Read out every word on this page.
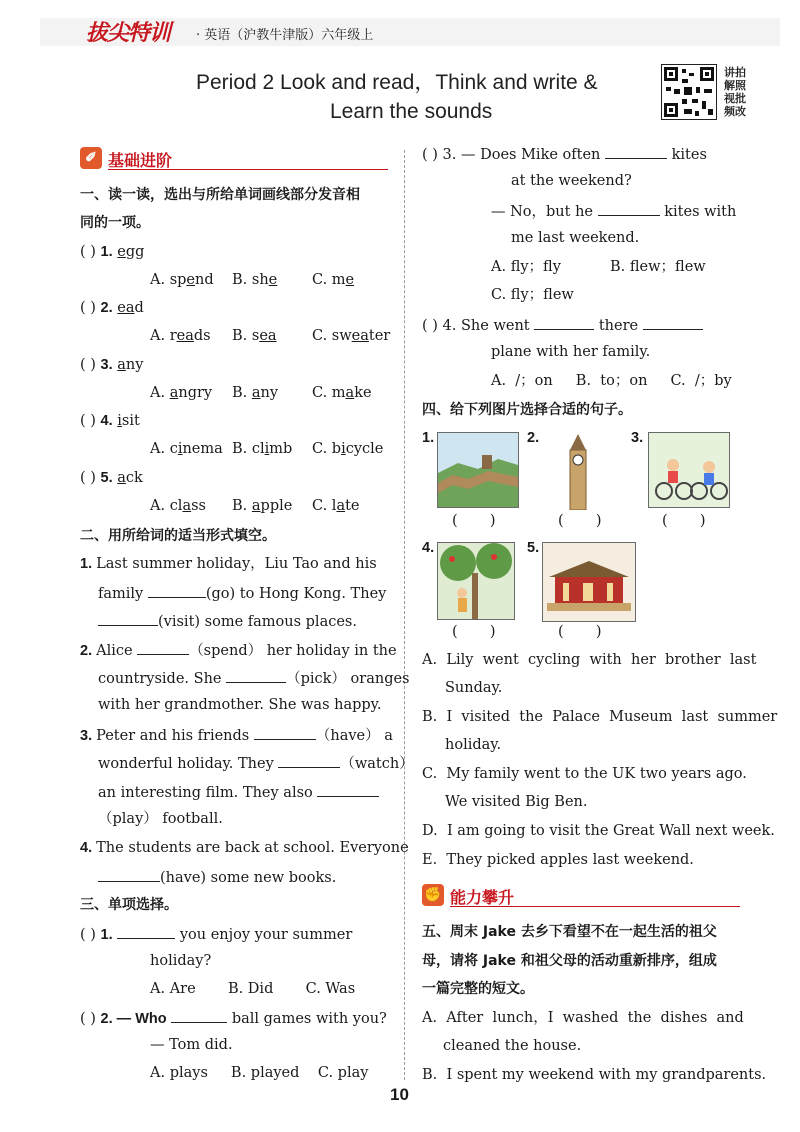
拔尖特训 · 英语（沪教牛津版）六年级上
Period 2 Look and read，Think and write &
Learn the sounds
讲拍解照视批频改
✐ 基础进阶
一、读一读，选出与所给单词画线部分发音相
同的一项。
( ) 1. egg
A. spend B. she C. me
( ) 2. ead
A. reads B. sea C. sweater
( ) 3. any
A. angry B. any C. make
( ) 4. isit
A. cinema B. climb C. bicycle
( ) 5. ack
A. class B. apple C. late
二、用所给词的适当形式填空。
1. Last summer holiday，Liu Tao and his
family	(go) to Hong Kong. They
(visit) some famous places.
2. Alice	（spend） her holiday in the
countryside. She	（pick） oranges
with her grandmother. She was happy.
3. Peter and his friends	（have） a
wonderful holiday. They	（watch）
an interesting film. They also
（play） football.
4. The students are back at school. Everyone
(have) some new books.
三、单项选择。
( ) 1.	you enjoy your summer
holiday?
A. Are       B. Did       C. Was
( ) 2. — Who	ball games with you?
— Tom did.
A. plays     B. played    C. play
( ) 3. — Does Mike often	kites
at the weekend?
— No，but he	kites with
me last weekend.
A. fly；fly	B. flew；flew
C. fly；flew
( ) 4. She went	there
plane with her family.
A.  /；on     B.  to；on     C.  /；by
四、给下列图片选择合适的句子。
1.	2.	3.
(       )	(       )	(       )
4.	5.
(       )	(       )
A. Lily  went  cycling  with  her  brother  last
Sunday.
B. I  visited  the  Palace  Museum  last  summer
holiday.
C. My family went to the UK two years ago.
We visited Big Ben.
D. I am going to visit the Great Wall next week.
E. They picked apples last weekend.
✊ 能力攀升
五、周末 Jake 去乡下看望不在一起生活的祖父
母，请将 Jake 和祖父母的活动重新排序，组成
一篇完整的短文。
A.  After  lunch，I  washed  the  dishes  and
cleaned the house.
B.  I spent my weekend with my grandparents.
10
